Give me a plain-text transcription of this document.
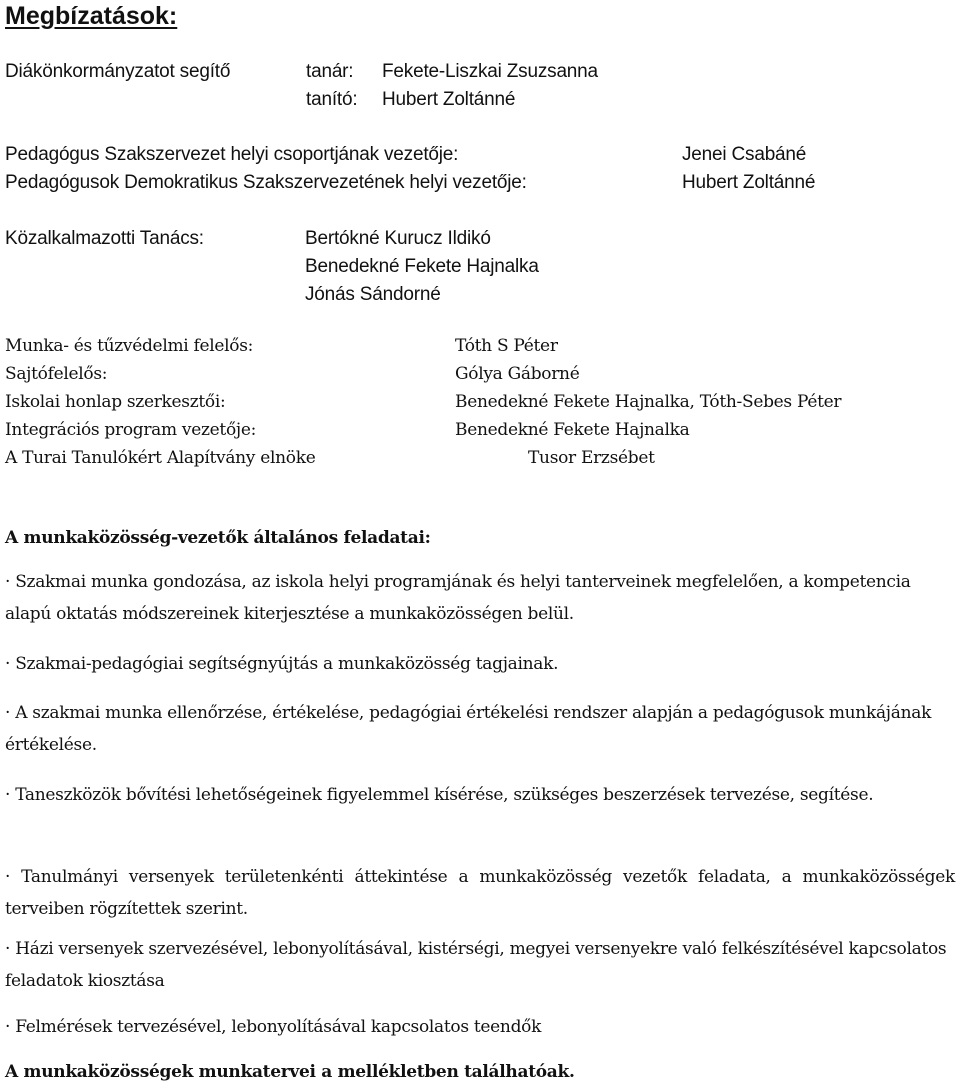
Megbízatások:
Diákönkormányzatot segítő	tanár: Fekete-Liszkai Zsuzsanna
tanító: Hubert Zoltánné
Pedagógus Szakszervezet helyi csoportjának vezetője:	Jenei Csabáné
Pedagógusok Demokratikus Szakszervezetének helyi vezetője:	Hubert Zoltánné
Közalkalmazotti Tanács:	Bertókné Kurucz Ildikó
Benedekné Fekete Hajnalka
Jónás Sándorné
Munka- és tűzvédelmi felelős:	Tóth S Péter
Sajtófelelős:	Gólya Gáborné
Iskolai honlap szerkesztői:	Benedekné Fekete Hajnalka, Tóth-Sebes Péter
Integrációs program vezetője:	Benedekné Fekete Hajnalka
A Turai Tanulókért Alapítvány elnöke	Tusor Erzsébet
A munkaközösség-vezetők általános feladatai:
· Szakmai munka gondozása, az iskola helyi programjának és helyi tanterveinek megfelelően, a kompetencia alapú oktatás módszereinek kiterjesztése a munkaközösségen belül.
· Szakmai-pedagógiai segítségnyújtás a munkaközösség tagjainak.
· A szakmai munka ellenőrzése, értékelése, pedagógiai értékelési rendszer alapján a pedagógusok munkájának értékelése.
· Taneszközök bővítési lehetőségeinek figyelemmel kísérése, szükséges beszerzések tervezése, segítése.
· Tanulmányi versenyek területenkénti áttekintése a munkaközösség vezetők feladata, a munkaközösségek terveiben rögzítettek szerint.
· Házi versenyek szervezésével, lebonyolításával, kistérségi, megyei versenyekre való felkészítésével kapcsolatos feladatok kiosztása
· Felmérések tervezésével, lebonyolításával kapcsolatos teendők
A munkaközösségek munkatervei a mellékletben találhatóak.
